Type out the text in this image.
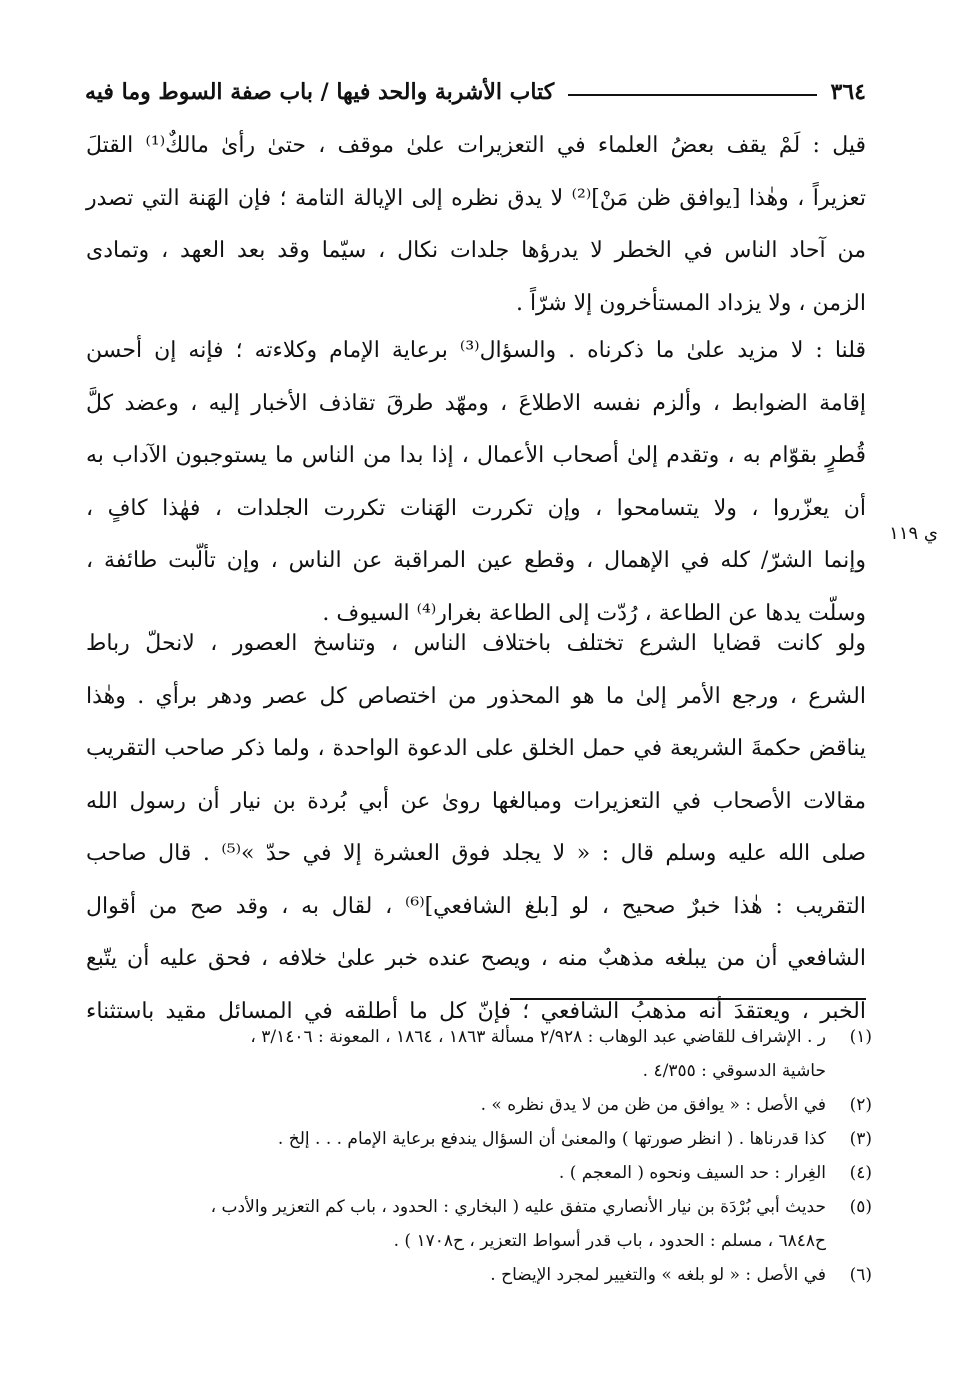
٣٦٤
كتاب الأشربة والحد فيها / باب صفة السوط وما فيه
ي ١١٩
قيل : لَمْ يقف بعضُ العلماء في التعزيرات علىٰ موقف ، حتىٰ رأىٰ مالكٌ⁽¹⁾ القتلَ
تعزيراً ، وهٰذا [يوافق ظن مَنْ]⁽²⁾ لا يدق نظره إلى الإيالة التامة ؛ فإن الهَنة التي تصدر
من آحاد الناس في الخطر لا يدرؤها جلدات نكال ، سيّما وقد بعد العهد ، وتمادى
الزمن ، ولا يزداد المستأخرون إلا شرّاً .
قلنا : لا مزيد علىٰ ما ذكرناه . والسؤال⁽³⁾ برعاية الإمام وكلاءته ؛ فإنه إن أحسن
إقامة الضوابط ، وألزم نفسه الاطلاعَ ، ومهّد طرقَ تقاذف الأخبار إليه ، وعضد كلَّ
قُطرٍ بقوّام به ، وتقدم إلىٰ أصحاب الأعمال ، إذا بدا من الناس ما يستوجبون الآداب به
أن يعزّروا ، ولا يتسامحوا ، وإن تكررت الهَنات تكررت الجلدات ، فهٰذا كافٍ ،
وإنما الشرّ/ كله في الإهمال ، وقطع عين المراقبة عن الناس ، وإن تألّبت طائفة ،
وسلّت يدها عن الطاعة ، رُدّت إلى الطاعة بغرار⁽⁴⁾ السيوف .
ولو كانت قضايا الشرع تختلف باختلاف الناس ، وتناسخ العصور ، لانحلّ رباط
الشرع ، ورجع الأمر إلىٰ ما هو المحذور من اختصاص كل عصر ودهر برأي . وهٰذا
يناقض حكمةَ الشريعة في حمل الخلق على الدعوة الواحدة ، ولما ذكر صاحب التقريب
مقالات الأصحاب في التعزيرات ومبالغها روىٰ عن أبي بُردة بن نيار أن رسول الله
صلى الله عليه وسلم قال : « لا يجلد فوق العشرة إلا في حدّ »⁽⁵⁾ . قال صاحب
التقريب : هٰذا خبرٌ صحيح ، لو [بلغ الشافعي]⁽⁶⁾ ، لقال به ، وقد صح من أقوال
الشافعي أن من يبلغه مذهبٌ منه ، ويصح عنده خبر علىٰ خلافه ، فحق عليه أن يتّبع
الخبر ، ويعتقدَ أنه مذهبُ الشافعي ؛ فإنّ كل ما أطلقه في المسائل مقيد باستثناء
(١)
ر . الإشراف للقاضي عبد الوهاب : ٢/٩٢٨ مسألة ١٨٦٣ ، ١٨٦٤ ، المعونة : ٣/١٤٠٦ ،
حاشية الدسوقي : ٤/٣٥٥ .
(٢)
في الأصل : « يوافق من ظن من لا يدق نظره » .
(٣)
كذا قدرناها . ( انظر صورتها ) والمعنىٰ أن السؤال يندفع برعاية الإمام . . . إلخ .
(٤)
الغِرار : حد السيف ونحوه ( المعجم ) .
(٥)
حديث أبي بُرْدَة بن نيار الأنصاري متفق عليه ( البخاري : الحدود ، باب كم التعزير والأدب ،
ح٦٨٤٨ ، مسلم : الحدود ، باب قدر أسواط التعزير ، ح١٧٠٨ ) .
(٦)
في الأصل : « لو بلغه » والتغيير لمجرد الإيضاح .
